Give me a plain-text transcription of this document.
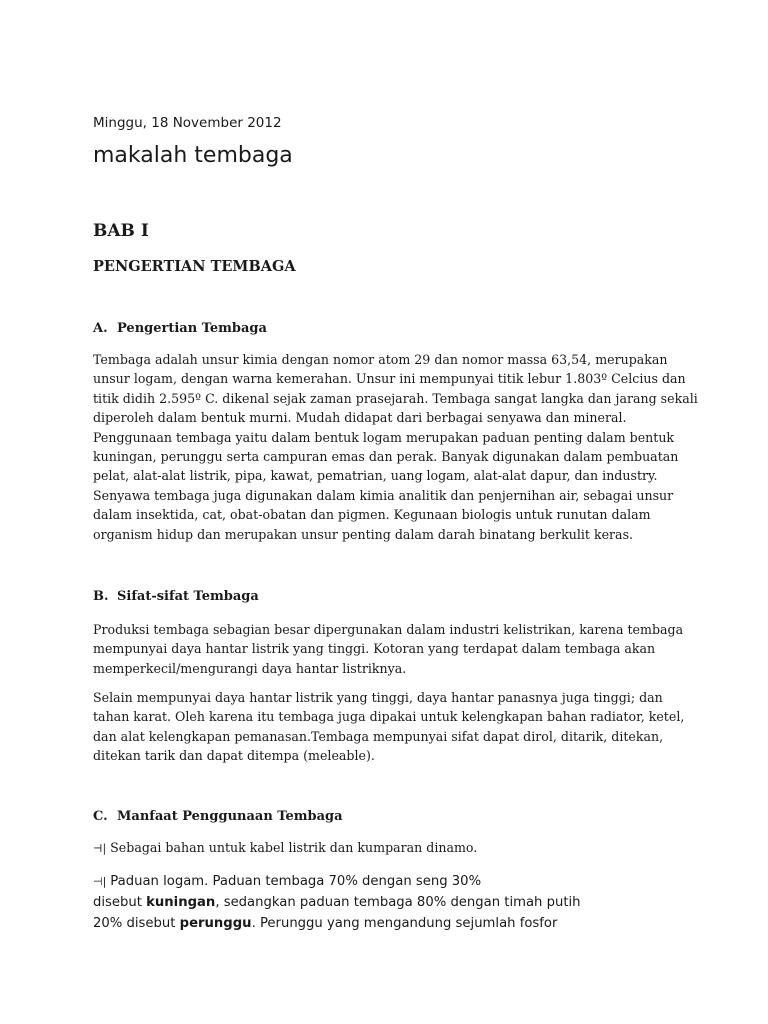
Minggu, 18 November 2012
makalah tembaga
BAB I
PENGERTIAN TEMBAGA
A. Pengertian Tembaga

Tembaga adalah unsur kimia dengan nomor atom 29 dan nomor massa 63,54, merupakan
unsur logam, dengan warna kemerahan. Unsur ini mempunyai titik lebur 1.803º Celcius dan
titik didih 2.595º C. dikenal sejak zaman prasejarah. Tembaga sangat langka dan jarang sekali
diperoleh dalam bentuk murni. Mudah didapat dari berbagai senyawa dan mineral.
Penggunaan tembaga yaitu dalam bentuk logam merupakan paduan penting dalam bentuk
kuningan, perunggu serta campuran emas dan perak. Banyak digunakan dalam pembuatan
pelat, alat-alat listrik, pipa, kawat, pematrian, uang logam, alat-alat dapur, dan industry.
Senyawa tembaga juga digunakan dalam kimia analitik dan penjernihan air, sebagai unsur
dalam insektida, cat, obat-obatan dan pigmen. Kegunaan biologis untuk runutan dalam
organism hidup dan merupakan unsur penting dalam darah binatang berkulit keras.

B. Sifat-sifat Tembaga

Produksi tembaga sebagian besar dipergunakan dalam industri kelistrikan, karena tembaga
mempunyai daya hantar listrik yang tinggi. Kotoran yang terdapat dalam tembaga akan
memperkecil/mengurangi daya hantar listriknya.

Selain mempunyai daya hantar listrik yang tinggi, daya hantar panasnya juga tinggi; dan
tahan karat. Oleh karena itu tembaga juga dipakai untuk kelengkapan bahan radiator, ketel,
dan alat kelengkapan pemanasan.Tembaga mempunyai sifat dapat dirol, ditarik, ditekan,
ditekan tarik dan dapat ditempa (meleable).

C. Manfaat Penggunaan Tembaga
⊣| Sebagai bahan untuk kabel listrik dan kumparan dinamo.
⊣| Paduan logam. Paduan tembaga 70% dengan seng 30%
disebut kuningan, sedangkan paduan tembaga 80% dengan timah putih
20% disebut perunggu. Perunggu yang mengandung sejumlah fosfor
